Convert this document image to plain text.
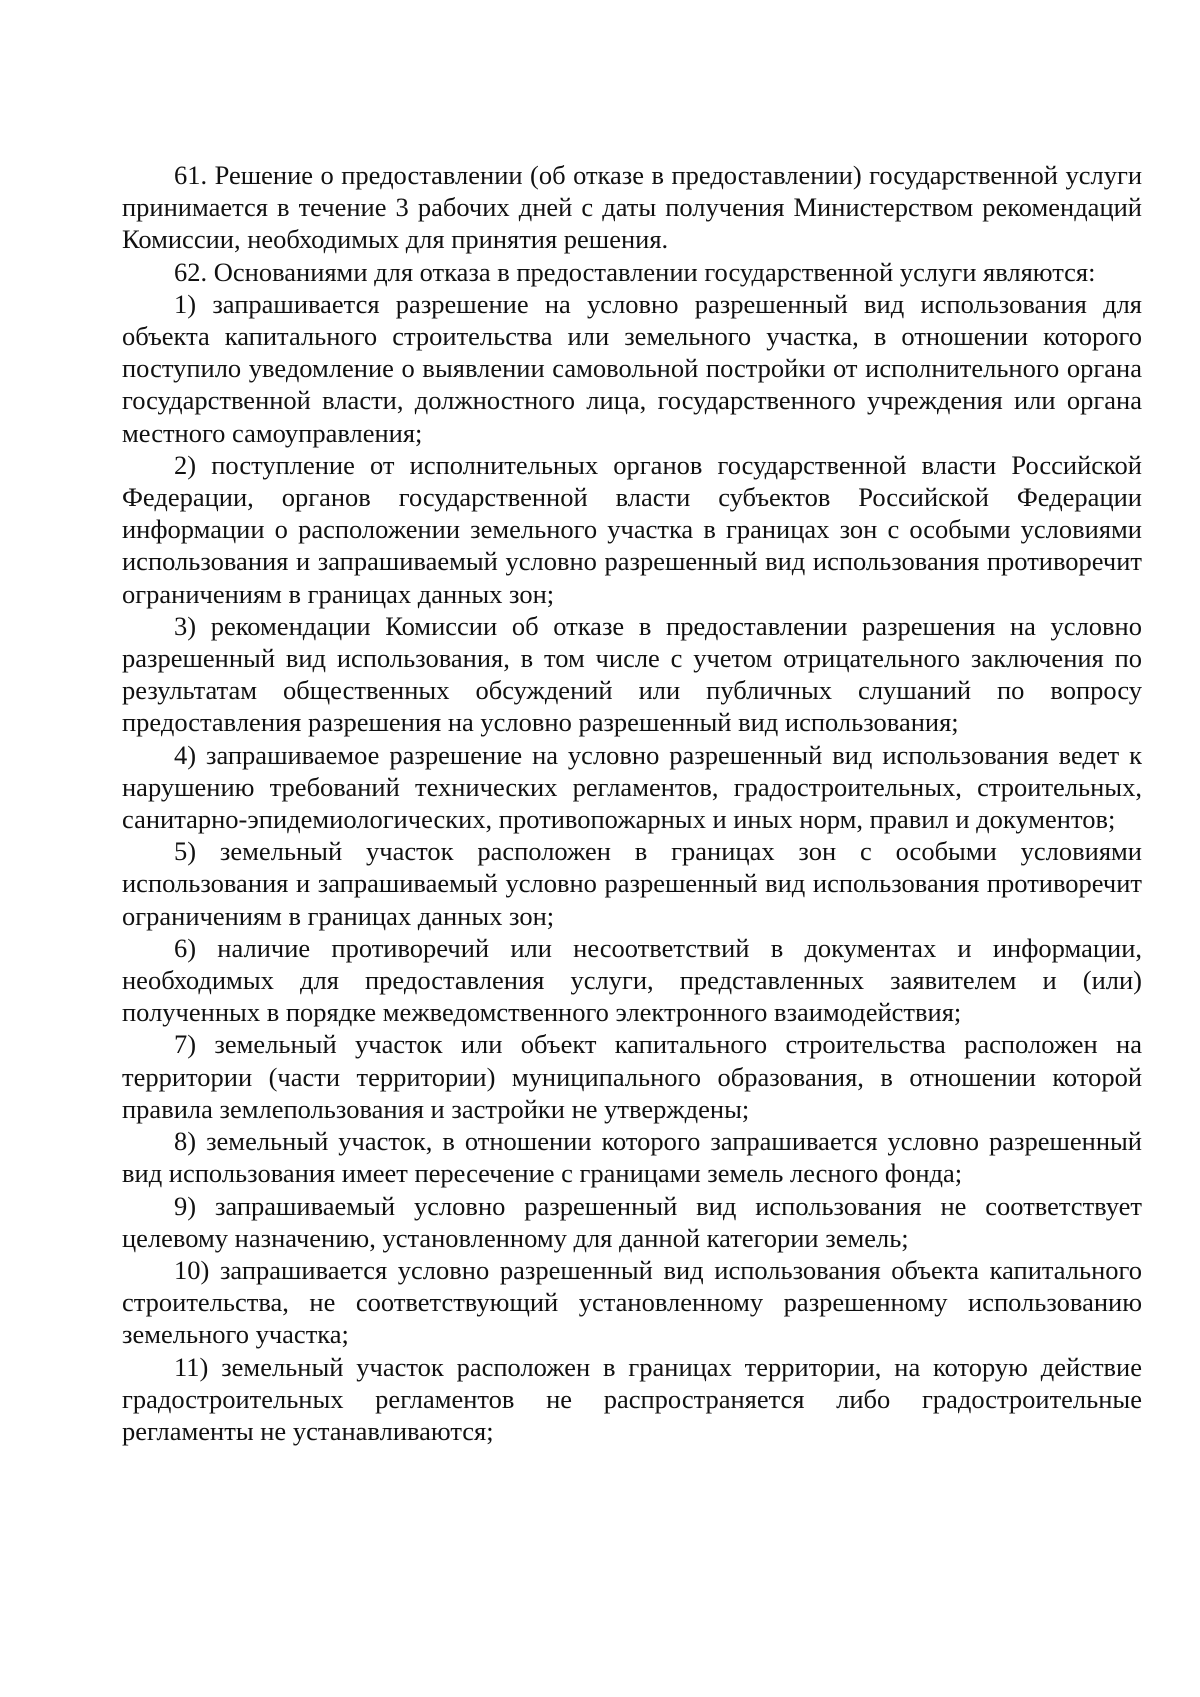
61. Решение о предоставлении (об отказе в предоставлении) государственной услуги принимается в течение 3 рабочих дней с даты получения Министерством рекомендаций Комиссии, необходимых для принятия решения.

62. Основаниями для отказа в предоставлении государственной услуги являются:

1) запрашивается разрешение на условно разрешенный вид использования для объекта капитального строительства или земельного участка, в отношении которого поступило уведомление о выявлении самовольной постройки от исполнительного органа государственной власти, должностного лица, государственного учреждения или органа местного самоуправления;

2) поступление от исполнительных органов государственной власти Российской Федерации, органов государственной власти субъектов Российской Федерации информации о расположении земельного участка в границах зон с особыми условиями использования и запрашиваемый условно разрешенный вид использования противоречит ограничениям в границах данных зон;

3) рекомендации Комиссии об отказе в предоставлении разрешения на условно разрешенный вид использования, в том числе с учетом отрицательного заключения по результатам общественных обсуждений или публичных слушаний по вопросу предоставления разрешения на условно разрешенный вид использования;

4) запрашиваемое разрешение на условно разрешенный вид использования ведет к нарушению требований технических регламентов, градостроительных, строительных, санитарно-эпидемиологических, противопожарных и иных норм, правил и документов;

5) земельный участок расположен в границах зон с особыми условиями использования и запрашиваемый условно разрешенный вид использования противоречит ограничениям в границах данных зон;

6) наличие противоречий или несоответствий в документах и информации, необходимых для предоставления услуги, представленных заявителем и (или) полученных в порядке межведомственного электронного взаимодействия;

7) земельный участок или объект капитального строительства расположен на территории (части территории) муниципального образования, в отношении которой правила землепользования и застройки не утверждены;

8) земельный участок, в отношении которого запрашивается условно разрешенный вид использования имеет пересечение с границами земель лесного фонда;

9) запрашиваемый условно разрешенный вид использования не соответствует целевому назначению, установленному для данной категории земель;

10) запрашивается условно разрешенный вид использования объекта капитального строительства, не соответствующий установленному разрешенному использованию земельного участка;

11) земельный участок расположен в границах территории, на которую действие градостроительных регламентов не распространяется либо градостроительные регламенты не устанавливаются;
